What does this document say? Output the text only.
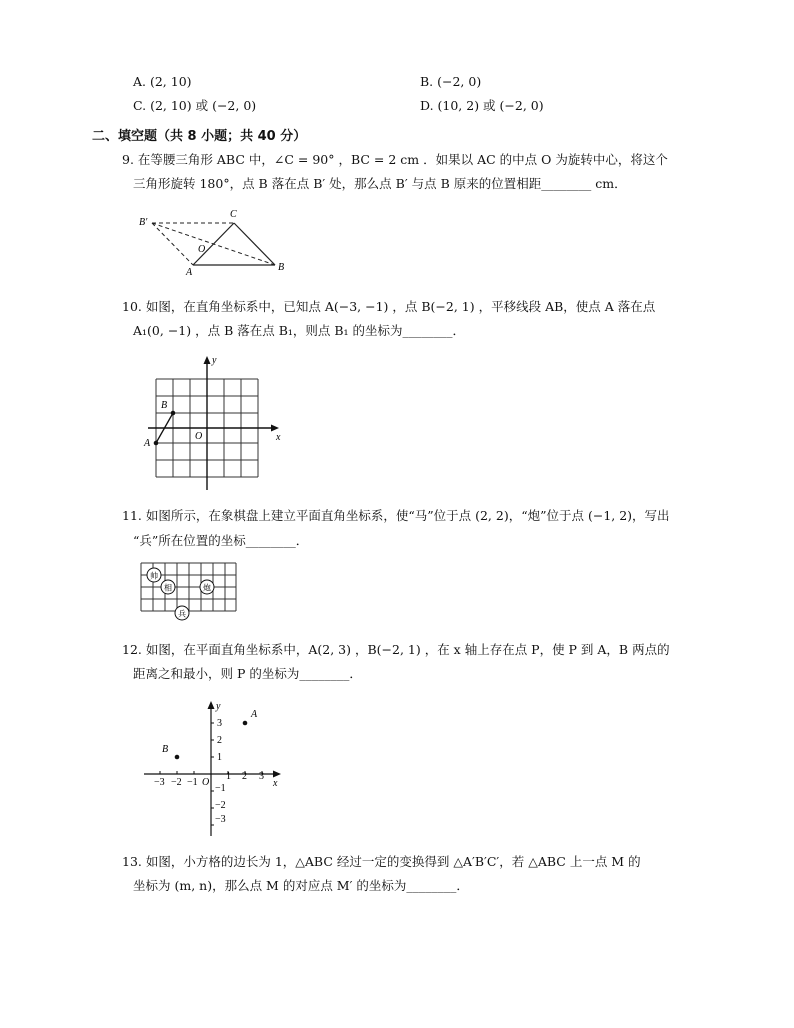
A. (2, 10)	B. (−2, 0)
C. (2, 10) 或 (−2, 0)	D. (10, 2) 或 (−2, 0)
二、填空题（共 8 小题；共 40 分）
9. 在等腰三角形 ABC 中，∠C = 90° ，BC = 2 cm ．如果以 AC 的中点 O 为旋转中心，将这个
三角形旋转 180°，点 B 落在点 B′ 处，那么点 B′ 与点 B 原来的位置相距________ cm．
B′
C
O
A	B
10. 如图，在直角坐标系中，已知点 A(−3, −1) ，点 B(−2, 1) ，平移线段 AB，使点 A 落在点
A₁(0, −1) ，点 B 落在点 B₁，则点 B₁ 的坐标为________．
y
x
O
A
B
11. 如图所示，在象棋盘上建立平面直角坐标系，使“马”位于点 (2, 2)，“炮”位于点 (−1, 2)，写出
“兵”所在位置的坐标________．
帅
相	炮
兵
12. 如图，在平面直角坐标系中，A(2, 3) ，B(−2, 1) ，在 x 轴上存在点 P，使 P 到 A，B 两点的
距离之和最小，则 P 的坐标为________．
−3 −2 −1
1 2 3
3
2
1
−1
−2
−3
A
B
y
x
O
13. 如图，小方格的边长为 1，△ABC 经过一定的变换得到 △A′B′C′，若 △ABC 上一点 M 的
坐标为 (m, n)，那么点 M 的对应点 M′ 的坐标为________．
